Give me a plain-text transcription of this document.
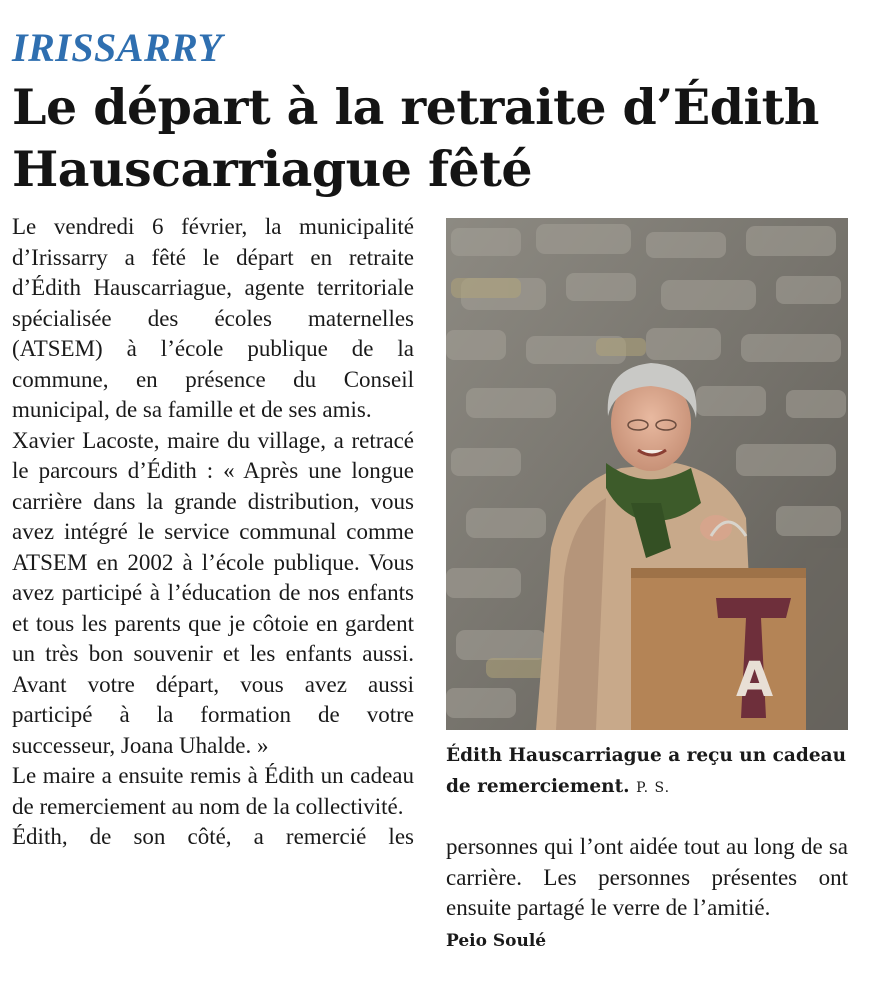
IRISSARRY
Le départ à la retraite d’Édith Hauscarriague fêté

Le vendredi 6 février, la municipalité d’Irissarry a fêté le départ en retraite d’Édith Hauscarriague, agente territoriale spécialisée des écoles maternelles (ATSEM) à l’école publique de la commune, en présence du Conseil municipal, de sa famille et de ses amis.

Xavier Lacoste, maire du village, a retracé le parcours d’Édith : « Après une longue carrière dans la grande distribution, vous avez intégré le service communal comme ATSEM en 2002 à l’école publique. Vous avez participé à l’éducation de nos enfants et tous les parents que je côtoie en gardent un très bon souvenir et les enfants aussi. Avant votre départ, vous avez aussi participé à la formation de votre successeur, Joana Uhalde. »

Le maire a ensuite remis à Édith un cadeau de remerciement au nom de la collectivité.

Édith, de son côté, a remercié les

A
Édith Hauscarriague a reçu un cadeau de remerciement. P. S.

personnes qui l’ont aidée tout au long de sa carrière. Les personnes présentes ont ensuite partagé le verre de l’amitié.

Peio Soulé
